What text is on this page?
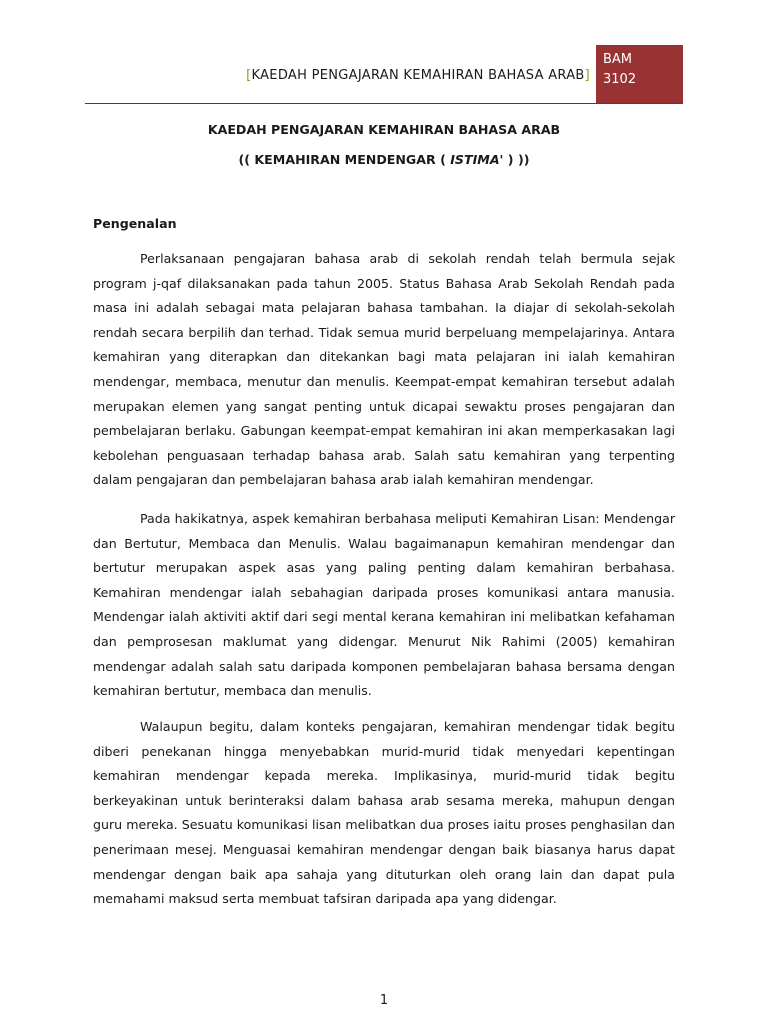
[KAEDAH PENGAJARAN KEMAHIRAN BAHASA ARAB]
BAM
3102
KAEDAH PENGAJARAN KEMAHIRAN BAHASA ARAB
(( KEMAHIRAN MENDENGAR ( ISTIMA' ) ))
Pengenalan

Perlaksanaan pengajaran bahasa arab di sekolah rendah telah bermula sejak program j-qaf dilaksanakan pada tahun 2005. Status Bahasa Arab Sekolah Rendah pada masa ini adalah sebagai mata pelajaran bahasa tambahan. Ia diajar di sekolah-sekolah rendah secara berpilih dan terhad. Tidak semua murid berpeluang mempelajarinya. Antara kemahiran yang diterapkan dan ditekankan bagi mata pelajaran ini ialah kemahiran mendengar, membaca, menutur dan menulis. Keempat-empat kemahiran tersebut adalah merupakan elemen yang sangat penting untuk dicapai sewaktu proses pengajaran dan pembelajaran berlaku. Gabungan keempat-empat kemahiran ini akan memperkasakan lagi kebolehan penguasaan terhadap bahasa arab. Salah satu kemahiran yang terpenting dalam pengajaran dan pembelajaran bahasa arab ialah kemahiran mendengar.

Pada hakikatnya, aspek kemahiran berbahasa meliputi Kemahiran Lisan: Mendengar dan Bertutur, Membaca dan Menulis. Walau bagaimanapun kemahiran mendengar dan bertutur merupakan aspek asas yang paling penting dalam kemahiran berbahasa. Kemahiran mendengar ialah sebahagian daripada proses komunikasi antara manusia. Mendengar ialah aktiviti aktif dari segi mental kerana kemahiran ini melibatkan kefahaman dan pemprosesan maklumat yang didengar. Menurut Nik Rahimi (2005) kemahiran mendengar adalah salah satu daripada komponen pembelajaran bahasa bersama dengan kemahiran bertutur, membaca dan menulis.

Walaupun begitu, dalam konteks pengajaran, kemahiran mendengar tidak begitu diberi penekanan hingga menyebabkan murid-murid tidak menyedari kepentingan kemahiran mendengar kepada mereka. Implikasinya, murid-murid tidak begitu berkeyakinan untuk berinteraksi dalam bahasa arab sesama mereka, mahupun dengan guru mereka. Sesuatu komunikasi lisan melibatkan dua proses iaitu proses penghasilan dan penerimaan mesej. Menguasai kemahiran mendengar dengan baik biasanya harus dapat mendengar dengan baik apa sahaja yang dituturkan oleh orang lain dan dapat pula memahami maksud serta membuat tafsiran daripada apa yang didengar.

1
